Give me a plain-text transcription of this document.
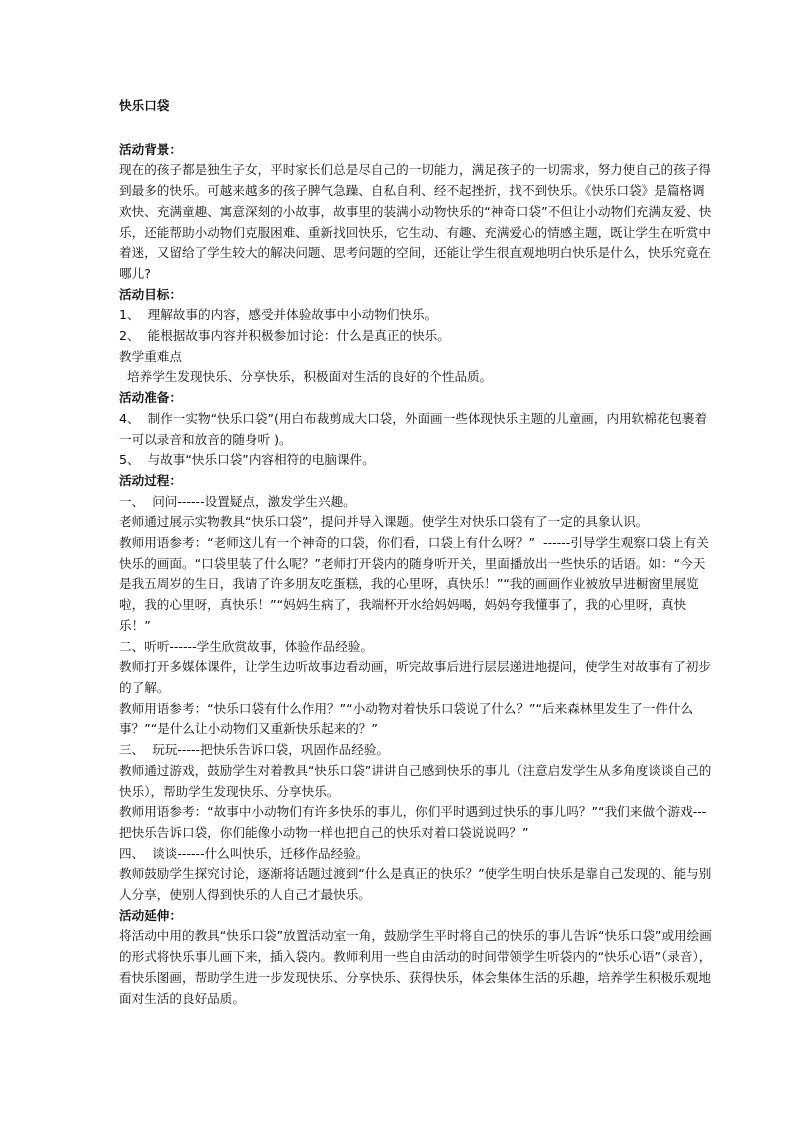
快乐口袋
活动背景：

现在的孩子都是独生子女，平时家长们总是尽自己的一切能力，满足孩子的一切需求，努力使自己的孩子得到最多的快乐。可越来越多的孩子脾气急躁、自私自利、经不起挫折，找不到快乐。《快乐口袋》是篇格调欢快、充满童趣、寓意深刻的小故事，故事里的装满小动物快乐的“神奇口袋”不但让小动物们充满友爱、快乐，还能帮助小动物们克服困难、重新找回快乐，它生动、有趣、充满爱心的情感主题，既让学生在听赏中着迷，又留给了学生较大的解决问题、思考问题的空间，还能让学生很直观地明白快乐是什么，快乐究竟在哪儿?

活动目标：

1、  理解故事的内容，感受并体验故事中小动物们快乐。

2、  能根据故事内容并积极参加讨论：什么是真正的快乐。

教学重难点

培养学生发现快乐、分享快乐，积极面对生活的良好的个性品质。

活动准备：

4、  制作一实物“快乐口袋”(用白布裁剪成大口袋，外面画一些体现快乐主题的儿童画，内用软棉花包裹着一可以录音和放音的随身听 )。

5、  与故事“快乐口袋”内容相符的电脑课件。

活动过程：

一、  问问------设置疑点，激发学生兴趣。

老师通过展示实物教具“快乐口袋”，提问并导入课题。使学生对快乐口袋有了一定的具象认识。

教师用语参考：“老师这儿有一个神奇的口袋，你们看，口袋上有什么呀？”  ------引导学生观察口袋上有关快乐的画面。“口袋里装了什么呢？”老师打开袋内的随身听开关，里面播放出一些快乐的话语。如：“今天是我五周岁的生日，我请了许多朋友吃蛋糕，我的心里呀，真快乐！”“我的画画作业被放早进橱窗里展览啦，我的心里呀，真快乐！”“妈妈生病了，我端杯开水给妈妈喝，妈妈夸我懂事了，我的心里呀，真快乐！”

二、听听------学生欣赏故事，体验作品经验。

教师打开多媒体课件，让学生边听故事边看动画，听完故事后进行层层递进地提问，使学生对故事有了初步的了解。

教师用语参考：“快乐口袋有什么作用？”“小动物对着快乐口袋说了什么？”“后来森林里发生了一件什么事？”“是什么让小动物们又重新快乐起来的？”

三、  玩玩-----把快乐告诉口袋，巩固作品经验。

教师通过游戏，鼓励学生对着教具“快乐口袋”讲讲自己感到快乐的事儿（注意启发学生从多角度谈谈自己的快乐），帮助学生发现快乐、分享快乐。

教师用语参考：“故事中小动物们有许多快乐的事儿，你们平时遇到过快乐的事儿吗？”“我们来做个游戏---把快乐告诉口袋，你们能像小动物一样也把自己的快乐对着口袋说说吗？”

四、  谈谈------什么叫快乐，迁移作品经验。

教师鼓励学生探究讨论，逐渐将话题过渡到“什么是真正的快乐？”使学生明白快乐是靠自己发现的、能与别人分享，使别人得到快乐的人自己才最快乐。

活动延伸：

将活动中用的教具“快乐口袋”放置活动室一角，鼓励学生平时将自己的快乐的事儿告诉“快乐口袋”或用绘画的形式将快乐事儿画下来，插入袋内。教师利用一些自由活动的时间带领学生听袋内的“快乐心语”（录音），看快乐图画，帮助学生进一步发现快乐、分享快乐、获得快乐，体会集体生活的乐趣，培养学生积极乐观地面对生活的良好品质。
